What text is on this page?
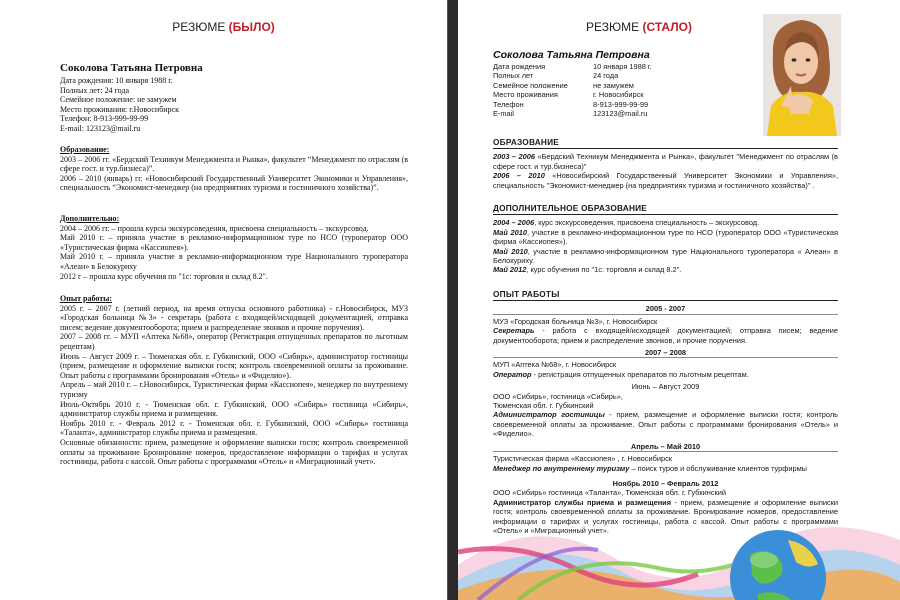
РЕЗЮМЕ (БЫЛО)
Соколова Татьяна Петровна

Дата рождения: 10 января 1988 г.

Полных лет: 24 года

Семейное положение: не замужем

Место проживания: г.Новосибирск

Телефон: 8-913-999-99-99

E-mail: 123123@mail.ru

Образование:

2003 – 2006 гг. «Бердский Техникум Менеджмента и Рынка», факультет “Менеджмент по отраслям (в сфере гост. и тур.бизнеса)”.

2006 – 2010 (январь) гг. «Новосибирский Государственный Университет Экономики и Управления», специальность “Экономист-менеджер (на предприятиях туризма и гостиничного хозяйства)”.

Дополнительно:

2004 – 2006 гг. – прошла курсы экскурсоведения, присвоена специальность – экскурсовод.

Май 2010 г. – приняла участие в рекламно-информационном туре по НСО (туроператор ООО «Туристическая фирма «Кассиопея»).

Май 2010 г. – приняла участие в рекламно-информационном туре Национального туроператора «Алеан» в Белокуриху

2012 г – прошла курс обучения по "1с: торговля и склад 8.2".

Опыт работы:

2005 г. – 2007 г. (летний период, на время отпуска основного работника) - г.Новосибирск, МУЗ «Городская больница №3» - секретарь (работа с входящей/исходящей документацией, отправка писем; ведение документооборота; прием и распределение звонков и прочие поручения).

2007 – 2008 гг. – МУП «Аптека №68», оператор (Регистрация отпущенных препаратов по льготным рецептам)

Июнь – Август 2009 г. – Тюменская обл. г. Губкинский, ООО «Сибирь», администратор гостиницы (прием, размещение и оформление выписки гостя; контроль своевременной оплаты за проживание. Опыт работы с программами бронирования «Отель» и «Фиделио»).

Апрель – май 2010 г. – г.Новосибирск, Туристическая фирма «Кассиопея», менеджер по внутреннему туризму

Июль-Октябрь 2010 г. - Тюменская обл. г. Губкинский, ООО «Сибирь» гостиница «Сибирь», администратор службы приема и размещения.

Ноябрь 2010 г. - Февраль 2012 г. - Тюменская обл. г. Губкинский, ООО «Сибирь» гостиница «Таланта», администратор службы приема и размещения.

Основные обязанности: прием, размещение и оформление выписки гостя; контроль своевременной оплаты за проживание Бронирование номеров, предоставление информации о тарифах и услугах гостиницы, работа с кассой. Опыт работы с программами «Отель» и «Миграционный учет».

РЕЗЮМЕ (СТАЛО)
Соколова Татьяна Петровна
Дата рождения	10 января 1988 г.
Полных лет	24 года
Семейное положение	не замужем
Место проживания	г. Новосибирск
Телефон	8-913-999-99-99
E-mail	123123@mail.ru
ОБРАЗОВАНИЕ

2003 – 2006 «Бердский Техникум Менеджмента и Рынка», факультет "Менеджмент по отраслям (в сфере гост. и тур.бизнеса)"

2006 – 2010 «Новосибирский Государственный Университет Экономики и Управления», специальность "Экономист-менеджер (на предприятиях туризма и гостиничного хозяйства)" .

ДОПОЛНИТЕЛЬНОЕ ОБРАЗОВАНИЕ

2004 – 2006, курс экскурсоведения, присвоена специальность – экскурсовод.

Май 2010, участие в рекламно-информационном туре по НСО (туроператор ООО «Туристическая фирма «Кассиопея»).

Май 2010, участие в рекламно-информационном туре Национального туроператора « Алеан» в Белокуриху.

Май 2012, курс обучения по "1с: торговля и склад 8.2".

ОПЫТ РАБОТЫ
2005 - 2007

МУЗ «Городская больница №3», г. Новосибирск

Секретарь - работа с входящей/исходящей документацией; отправка писем; ведение документооборота; прием и распределение звонков, и прочие поручения.

2007 – 2008

МУП «Аптека №68», г. Новосибирск

Оператор - регистрация отпущенных препаратов по льготным рецептам.

Июнь – Август 2009

ООО «Сибирь», гостиница «Сибирь»,

Тюменская обл. г. Губкинский

Администратор гостиницы - прием, размещение и оформление выписки гостя; контроль своевременной оплаты за проживание. Опыт работы с программами бронирования «Отель» и «Фиделио».

Апрель – Май 2010

Туристическая фирма «Кассиопея» , г. Новосибирск

Менеджер по внутреннему туризму – поиск туров и обслуживание клиентов турфирмы

Ноябрь 2010 – Февраль 2012

ООО «Сибирь» гостиница «Таланта», Тюменская обл. г. Губкинский

Администратор службы приема и размещения - прием, размещение и оформление выписки гостя; контроль своевременной оплаты за проживание. Бронирование номеров, предоставление информации о тарифах и услугах гостиницы, работа с кассой. Опыт работы с программами «Отель» и «Миграционный учет».
